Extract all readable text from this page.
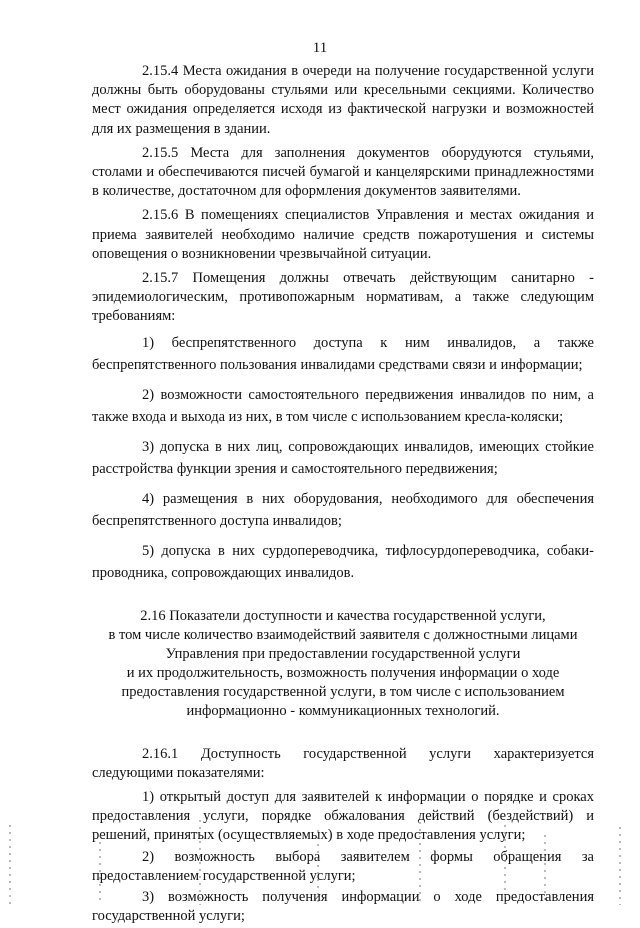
11

2.15.4 Места ожидания в очереди на получение государственной услуги должны быть оборудованы стульями или кресельными секциями. Количество мест ожидания определяется исходя из фактической нагрузки и возможностей для их размещения в здании.

2.15.5 Места для заполнения документов оборудуются стульями, столами и обеспечиваются писчей бумагой и канцелярскими принадлежностями в количестве, достаточном для оформления документов заявителями.

2.15.6 В помещениях специалистов Управления и местах ожидания и приема заявителей необходимо наличие средств пожаротушения и системы оповещения о возникновении чрезвычайной ситуации.

2.15.7 Помещения должны отвечать действующим санитарно - эпидемиологическим, противопожарным нормативам, а также следующим требованиям:

1) беспрепятственного доступа к ним инвалидов, а также беспрепятственного пользования инвалидами средствами связи и информации;

2) возможности самостоятельного передвижения инвалидов по ним, а также входа и выхода из них, в том числе с использованием кресла-коляски;

3) допуска в них лиц, сопровождающих инвалидов, имеющих стойкие расстройства функции зрения и самостоятельного передвижения;

4) размещения в них оборудования, необходимого для обеспечения беспрепятственного доступа инвалидов;

5) допуска в них сурдопереводчика, тифлосурдопереводчика, собаки-проводника, сопровождающих инвалидов.

2.16 Показатели доступности и качества государственной услуги,
в том числе количество взаимодействий заявителя с должностными лицами
Управления при предоставлении государственной услуги
и их продолжительность, возможность получения информации о ходе
предоставления государственной услуги, в том числе с использованием
информационно - коммуникационных технологий.

2.16.1 Доступность государственной услуги характеризуется следующими показателями:

1) открытый доступ для заявителей к информации о порядке и сроках предоставления услуги, порядке обжалования действий (бездействий) и решений, принятых (осуществляемых) в ходе предоставления услуги;

2) возможность выбора заявителем формы обращения за предоставлением государственной услуги;

3) возможность получения информации о ходе предоставления государственной услуги;
